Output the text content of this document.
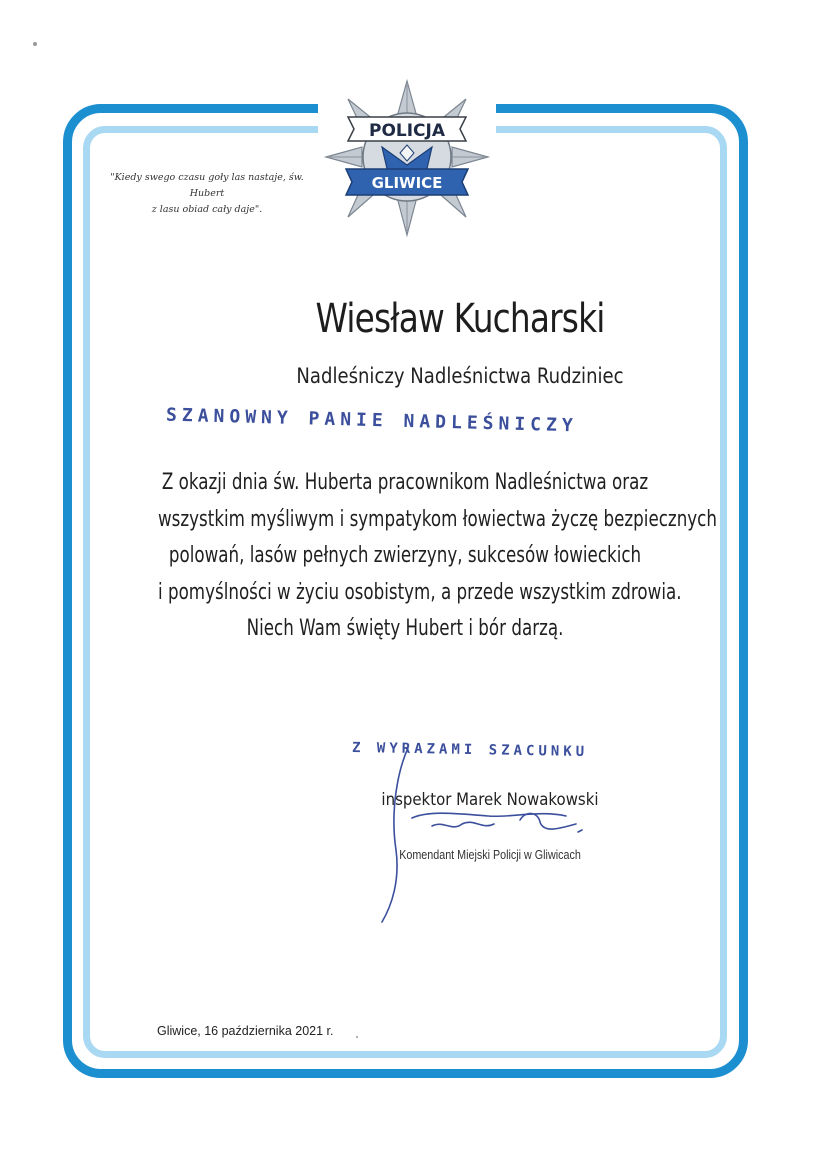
POLICJA
GLIWICE
"Kiedy swego czasu goły las nastaje, św. Hubert
z lasu obiad cały daje".
Wiesław Kucharski
Nadleśniczy Nadleśnictwa Rudziniec
SZANOWNY PANIE NADLEŚNICZY
Z okazji dnia św. Huberta pracownikom Nadleśnictwa oraz
wszystkim myśliwym i sympatykom łowiectwa życzę bezpiecznych
polowań, lasów pełnych zwierzyny, sukcesów łowieckich
i pomyślności w życiu osobistym, a przede wszystkim zdrowia.
Niech Wam święty Hubert i bór darzą.
Z WYRAZAMI SZACUNKU
inspektor Marek Nowakowski
Komendant Miejski Policji w Gliwicach
Gliwice, 16 października 2021 r.
